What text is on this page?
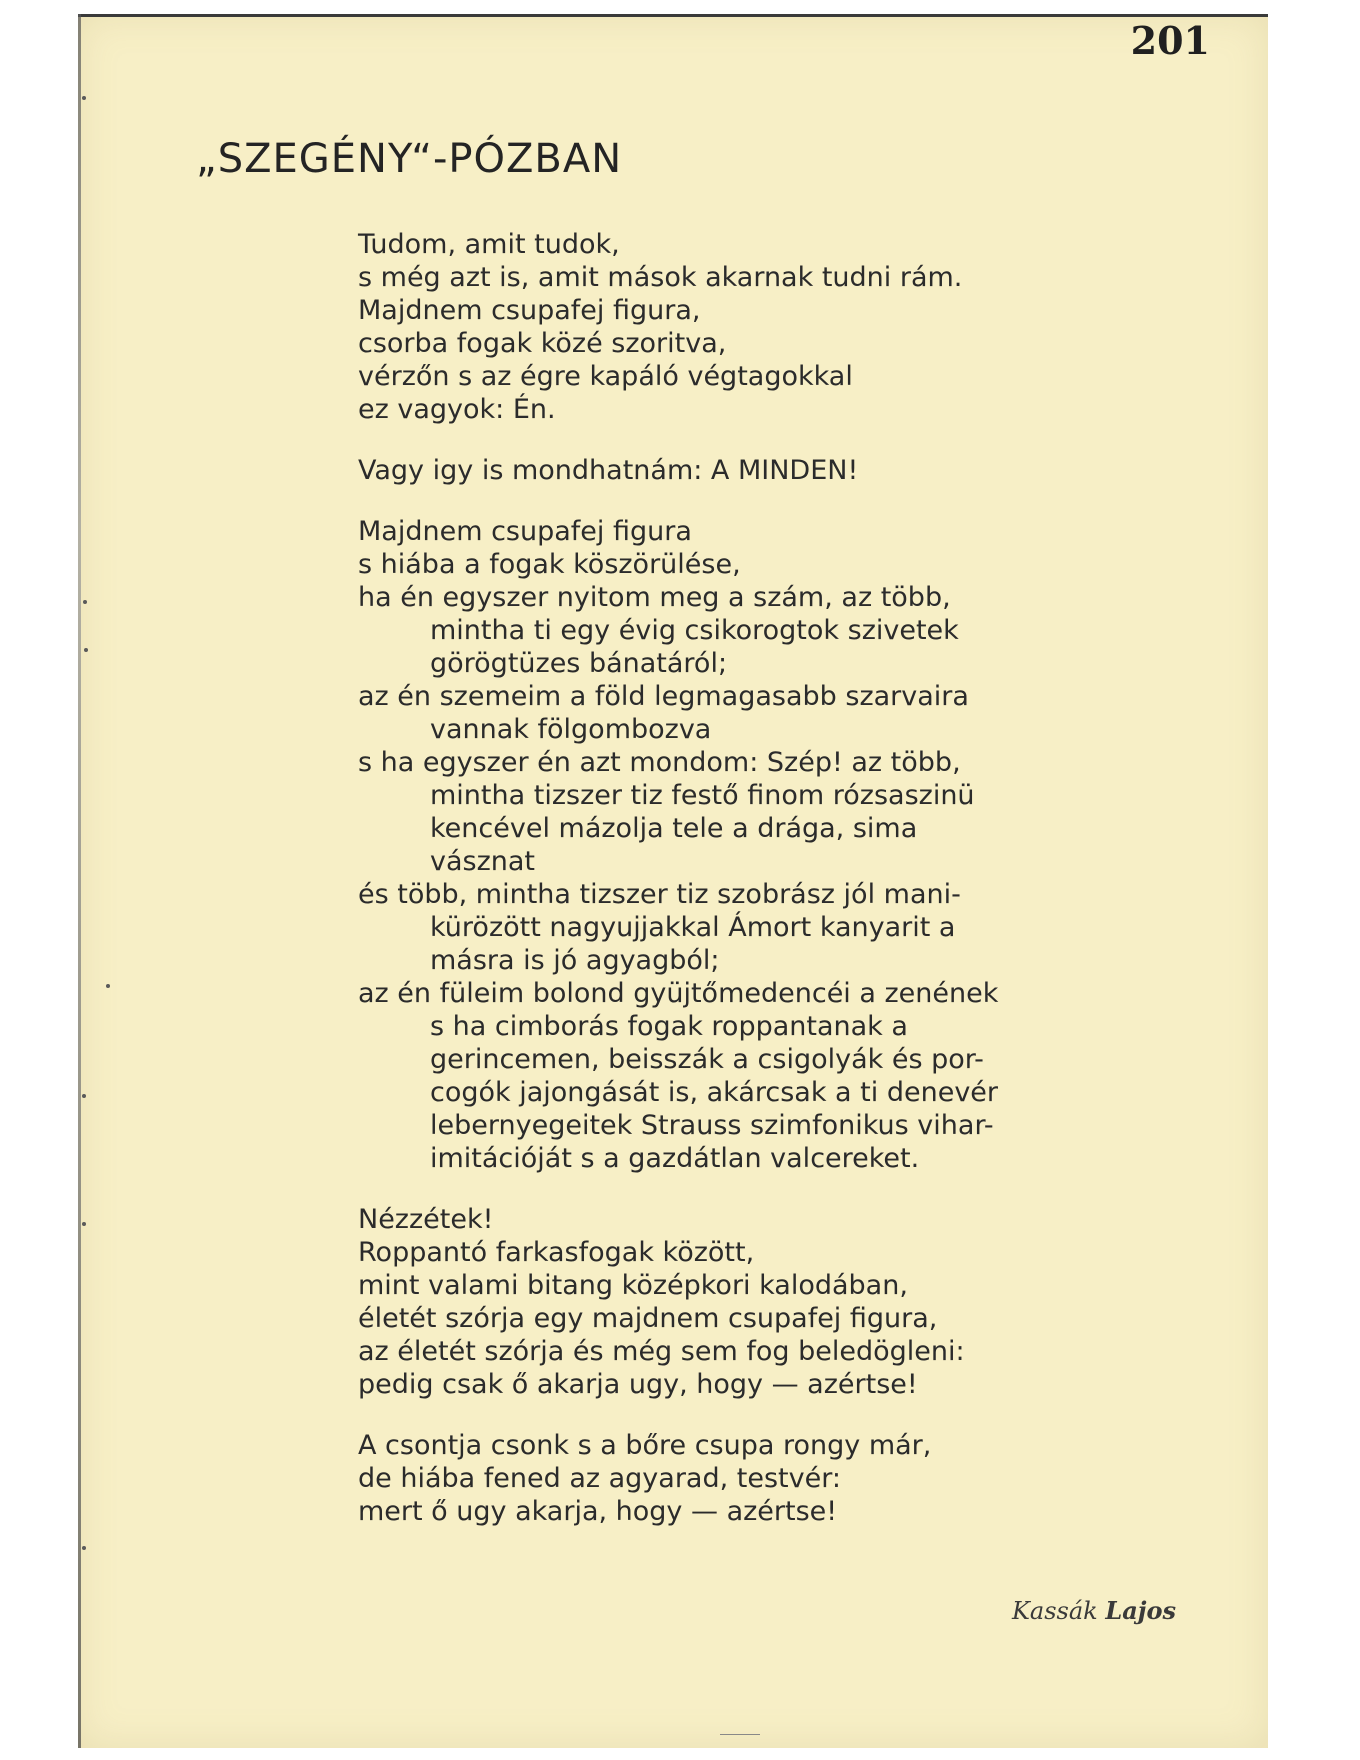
201
„SZEGÉNY“-PÓZBAN
Tudom, amit tudok,
s még azt is, amit mások akarnak tudni rám.
Majdnem csupafej figura,
csorba fogak közé szoritva,
vérzőn s az égre kapáló végtagokkal
ez vagyok: Én.
Vagy igy is mondhatnám: A MINDEN!
Majdnem csupafej figura
s hiába a fogak köszörülése,
ha én egyszer nyitom meg a szám, az több,
mintha ti egy évig csikorogtok szivetek
görögtüzes bánatáról;
az én szemeim a föld legmagasabb szarvaira
vannak fölgombozva
s ha egyszer én azt mondom: Szép! az több,
mintha tizszer tiz festő finom rózsaszinü
kencével mázolja tele a drága, sima
vásznat
és több, mintha tizszer tiz szobrász jól mani-
kürözött nagyujjakkal Ámort kanyarit a
másra is jó agyagból;
az én füleim bolond gyüjtőmedencéi a zenének
s ha cimborás fogak roppantanak a
gerincemen, beisszák a csigolyák és por-
cogók jajongását is, akárcsak a ti denevér
lebernyegeitek Strauss szimfonikus vihar-
imitációját s a gazdátlan valcereket.
Nézzétek!
Roppantó farkasfogak között,
mint valami bitang középkori kalodában,
életét szórja egy majdnem csupafej figura,
az életét szórja és még sem fog beledögleni:
pedig csak ő akarja ugy, hogy — azértse!
A csontja csonk s a bőre csupa rongy már,
de hiába fened az agyarad, testvér:
mert ő ugy akarja, hogy — azértse!
Kassák Lajos
